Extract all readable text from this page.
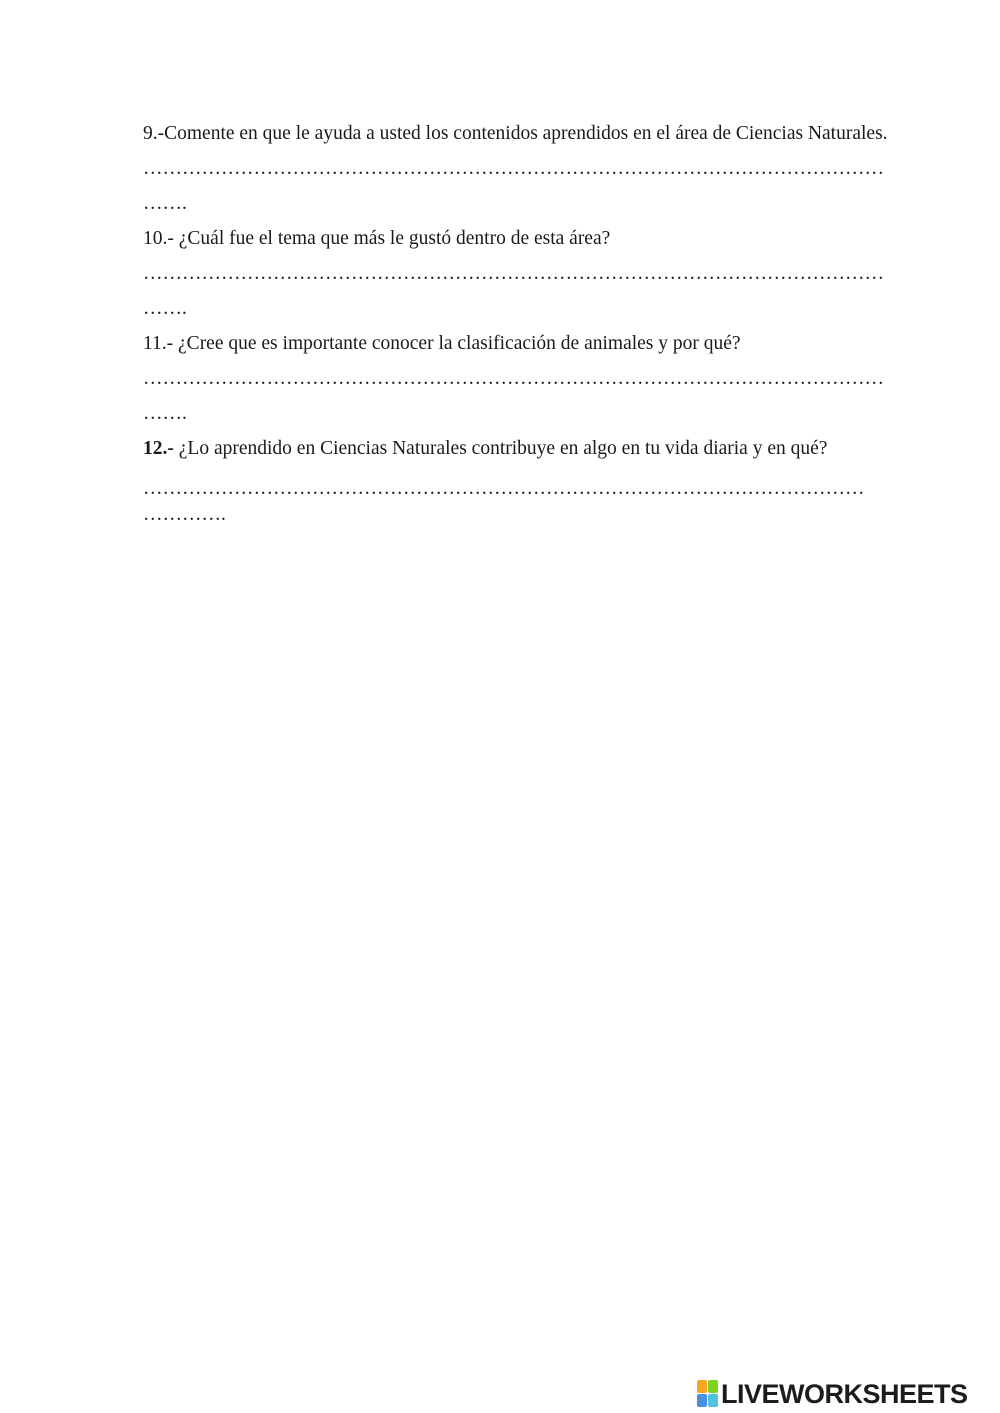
9.-Comente en que le ayuda a usted los contenidos aprendidos en el área de Ciencias Naturales.

……………………………………………………………………………………………………

…….

10.- ¿Cuál fue el tema que más le gustó dentro de esta área?

……………………………………………………………………………………………………

…….

11.- ¿Cree que es importante conocer la clasificación de animales y por qué?

……………………………………………………………………………………………………

…….

12.- ¿Lo aprendido en Ciencias Naturales contribuye en algo en tu vida diaria y en qué?

…………………………………………………………………………………………………

………….

LIVEWORKSHEETS
